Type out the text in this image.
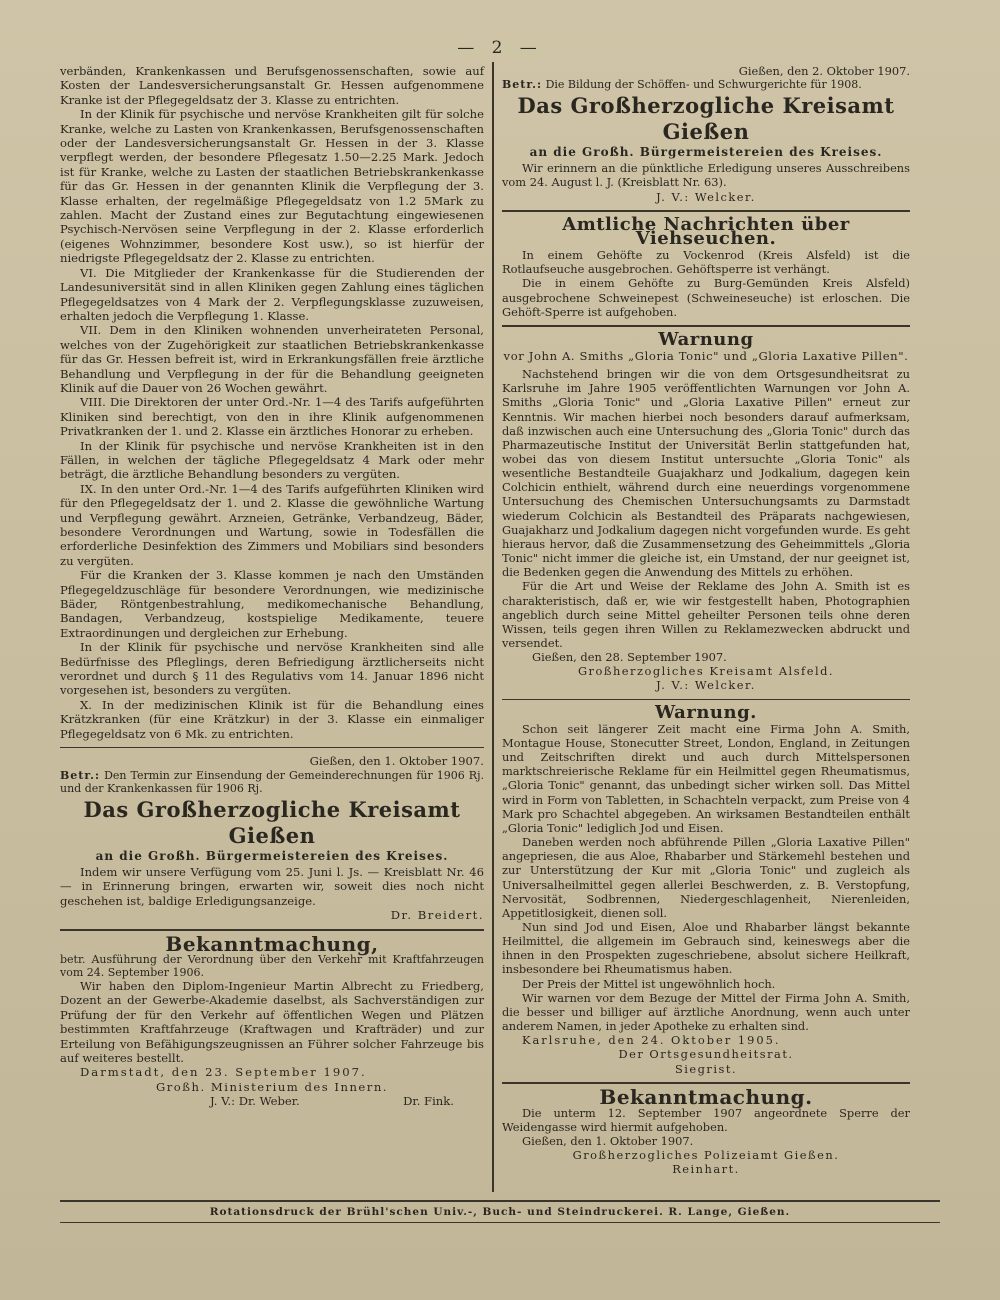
— 2 —

verbänden, Krankenkassen und Berufsgenossenschaften, sowie auf Kosten der Landesversicherungsanstalt Gr. Hessen aufgenommene Kranke ist der Pflegegeldsatz der 3. Klasse zu entrichten.

In der Klinik für psychische und nervöse Krankheiten gilt für solche Kranke, welche zu Lasten von Krankenkassen, Berufsgenossenschaften oder der Landesversicherungsanstalt Gr. Hessen in der 3. Klasse verpflegt werden, der besondere Pflegesatz 1.50—2.25 Mark. Jedoch ist für Kranke, welche zu Lasten der staatlichen Betriebskrankenkasse für das Gr. Hessen in der genannten Klinik die Verpflegung der 3. Klasse erhalten, der regelmäßige Pflegegeldsatz von 1.2 5Mark zu zahlen. Macht der Zustand eines zur Begutachtung eingewiesenen Psychisch-Nervösen seine Verpflegung in der 2. Klasse erforderlich (eigenes Wohnzimmer, besondere Kost usw.), so ist hierfür der niedrigste Pflegegeldsatz der 2. Klasse zu entrichten.

VI. Die Mitglieder der Krankenkasse für die Studierenden der Landesuniversität sind in allen Kliniken gegen Zahlung eines täglichen Pflegegeldsatzes von 4 Mark der 2. Verpflegungsklasse zuzuweisen, erhalten jedoch die Verpflegung 1. Klasse.

VII. Dem in den Kliniken wohnenden unverheirateten Personal, welches von der Zugehörigkeit zur staatlichen Betriebskrankenkasse für das Gr. Hessen befreit ist, wird in Erkrankungsfällen freie ärztliche Behandlung und Verpflegung in der für die Behandlung geeigneten Klinik auf die Dauer von 26 Wochen gewährt.

VIII. Die Direktoren der unter Ord.-Nr. 1—4 des Tarifs aufgeführten Kliniken sind berechtigt, von den in ihre Klinik aufgenommenen Privatkranken der 1. und 2. Klasse ein ärztliches Honorar zu erheben.

In der Klinik für psychische und nervöse Krankheiten ist in den Fällen, in welchen der tägliche Pflegegeldsatz 4 Mark oder mehr beträgt, die ärztliche Behandlung besonders zu vergüten.

IX. In den unter Ord.-Nr. 1—4 des Tarifs aufgeführten Kliniken wird für den Pflegegeldsatz der 1. und 2. Klasse die gewöhnliche Wartung und Verpflegung gewährt. Arzneien, Getränke, Verbandzeug, Bäder, besondere Verordnungen und Wartung, sowie in Todesfällen die erforderliche Desinfektion des Zimmers und Mobiliars sind besonders zu vergüten.

Für die Kranken der 3. Klasse kommen je nach den Umständen Pflegegeldzuschläge für besondere Verordnungen, wie medizinische Bäder, Röntgenbestrahlung, medikomechanische Behandlung, Bandagen, Verbandzeug, kostspielige Medikamente, teuere Extraordinungen und dergleichen zur Erhebung.

In der Klinik für psychische und nervöse Krankheiten sind alle Bedürfnisse des Pfleglings, deren Befriedigung ärztlicherseits nicht verordnet und durch § 11 des Regulativs vom 14. Januar 1896 nicht vorgesehen ist, besonders zu vergüten.

X. In der medizinischen Klinik ist für die Behandlung eines Krätzkranken (für eine Krätzkur) in der 3. Klasse ein einmaliger Pflegegeldsatz von 6 Mk. zu entrichten.

Gießen, den 1. Oktober 1907.

Betr.: Den Termin zur Einsendung der Gemeinderechnungen für 1906 Rj. und der Krankenkassen für 1906 Rj.

Das Großherzogliche Kreisamt Gießen
an die Großh. Bürgermeistereien des Kreises.

Indem wir unsere Verfügung vom 25. Juni l. Js. — Kreisblatt Nr. 46 — in Erinnerung bringen, erwarten wir, soweit dies noch nicht geschehen ist, baldige Erledigungsanzeige.

Dr. Breidert.

Bekanntmachung,

betr. Ausführung der Verordnung über den Verkehr mit Kraftfahrzeugen vom 24. September 1906.

Wir haben den Diplom-Ingenieur Martin Albrecht zu Friedberg, Dozent an der Gewerbe-Akademie daselbst, als Sachverständigen zur Prüfung der für den Verkehr auf öffentlichen Wegen und Plätzen bestimmten Kraftfahrzeuge (Kraftwagen und Krafträder) und zur Erteilung von Befähigungszeugnissen an Führer solcher Fahrzeuge bis auf weiteres bestellt.

Darmstadt, den 23. September 1907.

Großh. Ministerium des Innern.

J. V.: Dr. Weber.	Dr. Fink.

Gießen, den 2. Oktober 1907.

Betr.: Die Bildung der Schöffen- und Schwurgerichte für 1908.

Das Großherzogliche Kreisamt Gießen
an die Großh. Bürgermeistereien des Kreises.

Wir erinnern an die pünktliche Erledigung unseres Ausschreibens vom 24. August l. J. (Kreisblatt Nr. 63).

J. V.: Welcker.

Amtliche Nachrichten über Viehseuchen.

In einem Gehöfte zu Vockenrod (Kreis Alsfeld) ist die Rotlaufseuche ausgebrochen. Gehöftsperre ist verhängt.

Die in einem Gehöfte zu Burg-Gemünden Kreis Alsfeld) ausgebrochene Schweinepest (Schweineseuche) ist erloschen. Die Gehöft-Sperre ist aufgehoben.

Warnung
vor John A. Smiths „Gloria Tonic" und „Gloria Laxative Pillen".

Nachstehend bringen wir die von dem Ortsgesundheitsrat zu Karlsruhe im Jahre 1905 veröffentlichten Warnungen vor John A. Smiths „Gloria Tonic" und „Gloria Laxative Pillen" erneut zur Kenntnis. Wir machen hierbei noch besonders darauf aufmerksam, daß inzwischen auch eine Untersuchung des „Gloria Tonic" durch das Pharmazeutische Institut der Universität Berlin stattgefunden hat, wobei das von diesem Institut untersuchte „Gloria Tonic" als wesentliche Bestandteile Guajakharz und Jodkalium, dagegen kein Colchicin enthielt, während durch eine neuerdings vorgenommene Untersuchung des Chemischen Untersuchungsamts zu Darmstadt wiederum Colchicin als Bestandteil des Präparats nachgewiesen, Guajakharz und Jodkalium dagegen nicht vorgefunden wurde. Es geht hieraus hervor, daß die Zusammensetzung des Geheimmittels „Gloria Tonic" nicht immer die gleiche ist, ein Umstand, der nur geeignet ist, die Bedenken gegen die Anwendung des Mittels zu erhöhen.

Für die Art und Weise der Reklame des John A. Smith ist es charakteristisch, daß er, wie wir festgestellt haben, Photographien angeblich durch seine Mittel geheilter Personen teils ohne deren Wissen, teils gegen ihren Willen zu Reklamezwecken abdruckt und versendet.

Gießen, den 28. September 1907.

Großherzogliches Kreisamt Alsfeld.

J. V.: Welcker.

Warnung.

Schon seit längerer Zeit macht eine Firma John A. Smith, Montague House, Stonecutter Street, London, England, in Zeitungen und Zeitschriften direkt und auch durch Mittelspersonen marktschreierische Reklame für ein Heilmittel gegen Rheumatismus, „Gloria Tonic" genannt, das unbedingt sicher wirken soll. Das Mittel wird in Form von Tabletten, in Schachteln verpackt, zum Preise von 4 Mark pro Schachtel abgegeben. An wirksamen Bestandteilen enthält „Gloria Tonic" lediglich Jod und Eisen.

Daneben werden noch abführende Pillen „Gloria Laxative Pillen" angepriesen, die aus Aloe, Rhabarber und Stärkemehl bestehen und zur Unterstützung der Kur mit „Gloria Tonic" und zugleich als Universalheilmittel gegen allerlei Beschwerden, z. B. Verstopfung, Nervosität, Sodbrennen, Niedergeschlagenheit, Nierenleiden, Appetitlosigkeit, dienen soll.

Nun sind Jod und Eisen, Aloe und Rhabarber längst bekannte Heilmittel, die allgemein im Gebrauch sind, keineswegs aber die ihnen in den Prospekten zugeschriebene, absolut sichere Heilkraft, insbesondere bei Rheumatismus haben.

Der Preis der Mittel ist ungewöhnlich hoch.

Wir warnen vor dem Bezuge der Mittel der Firma John A. Smith, die besser und billiger auf ärztliche Anordnung, wenn auch unter anderem Namen, in jeder Apotheke zu erhalten sind.

Karlsruhe, den 24. Oktober 1905.

Der Ortsgesundheitsrat.

Siegrist.

Bekanntmachung.

Die unterm 12. September 1907 angeordnete Sperre der Weidengasse wird hiermit aufgehoben.

Gießen, den 1. Oktober 1907.

Großherzogliches Polizeiamt Gießen.

Reinhart.

Rotationsdruck der Brühl'schen Univ.-, Buch- und Steindruckerei. R. Lange, Gießen.
